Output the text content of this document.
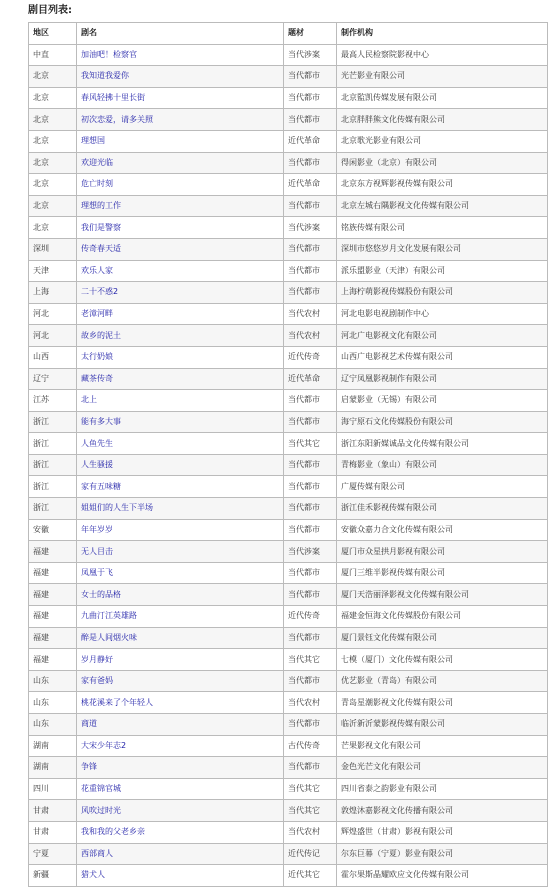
剧目列表:
地区	剧名	题材	制作机构
中直	加油吧！检察官	当代涉案	最高人民检察院影视中心
北京	我知道我爱你	当代都市	光芒影业有限公司
北京	春风轻拂十里长街	当代都市	北京監凯传媒发展有限公司
北京	初次恋爱，请多关照	当代都市	北京胖胖熊文化传媒有限公司
北京	理想国	近代革命	北京歌光影业有限公司
北京	欢迎光临	当代都市	得闲影业（北京）有限公司
北京	危亡时刻	近代革命	北京东方视辉影视传媒有限公司
北京	理想的工作	当代都市	北京左城右隅影视文化传媒有限公司
北京	我们是警察	当代涉案	铭族传媒有限公司
深圳	传奇春天适	当代都市	深圳市悠悠岁月文化发展有限公司
天津	欢乐人家	当代都市	派乐盟影业（天津）有限公司
上海	二十不惑2	当代都市	上海柠萌影视传媒股份有限公司
河北	老漳河畔	当代农村	河北电影电视剧制作中心
河北	故乡的泥土	当代农村	河北广电影视文化有限公司
山西	太行奶娘	近代传奇	山西广电影视艺术传媒有限公司
辽宁	藏茶传奇	近代革命	辽宁凤凰影视制作有限公司
江苏	北上	当代都市	启蒙影业（无锡）有限公司
浙江	能有多大事	当代都市	海宁原石文化传媒股份有限公司
浙江	人鱼先生	当代其它	浙江东阳新媒诚品文化传媒有限公司
浙江	人生骚援	当代都市	青梅影业（象山）有限公司
浙江	家有五味糖	当代都市	广厦传媒有限公司
浙江	姐姐们的人生下半场	当代都市	浙江佳禾影视传媒有限公司
安徽	年年岁岁	当代都市	安徽众嘉力合文化传媒有限公司
福建	无人目击	当代涉案	厦门市众星拱月影视有限公司
福建	凤凰于飞	当代都市	厦门三维半影视传媒有限公司
福建	女士的品格	当代都市	厦门天浩丽泽影视文化传媒有限公司
福建	九曲汀江英雄路	近代传奇	福建金恒海文化传媒股份有限公司
福建	醉是人间烟火味	当代都市	厦门景钰文化传媒有限公司
福建	岁月静好	当代其它	七模（厦门）文化传媒有限公司
山东	家有爸妈	当代都市	优艺影业（青岛）有限公司
山东	桃花溪来了个年轻人	当代农村	青岛星潮影视文化传媒有限公司
山东	商道	当代都市	临沂新沂蒙影视传媒有限公司
湖南	大宋少年志2	古代传奇	芒果影视文化有限公司
湖南	争锋	当代都市	金色光芒文化有限公司
四川	花重锦官城	当代其它	四川省泰之韵影业有限公司
甘肃	风吹过时光	当代其它	敦煌沐嘉影视文化传播有限公司
甘肃	我和我的父老乡亲	当代农村	辉煌盛世（甘肃）影视有限公司
宁夏	西部商人	近代传记	尔东巨幕（宁夏）影业有限公司
新疆	猎犬人	近代其它	霍尔果斯晶耀欧应文化传媒有限公司
